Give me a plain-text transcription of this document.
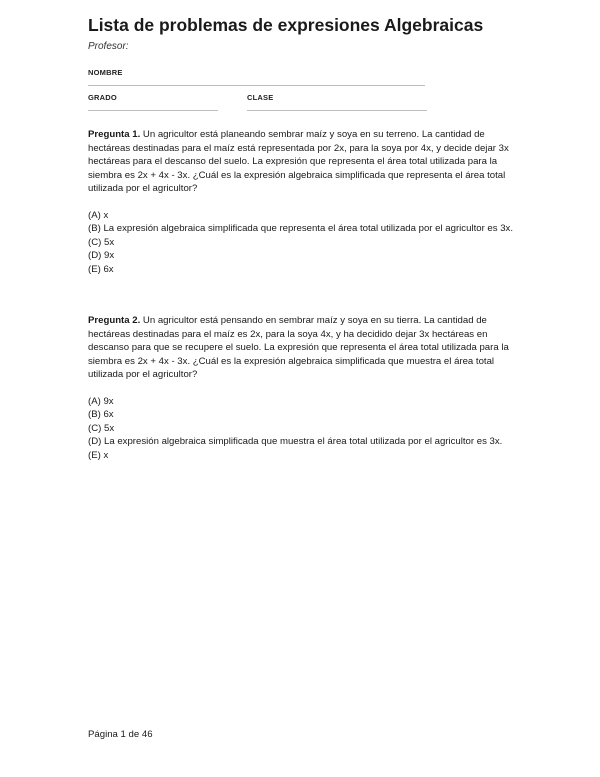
Lista de problemas de expresiones Algebraicas
Profesor:
NOMBRE
GRADO	CLASE

Pregunta 1. Un agricultor está planeando sembrar maíz y soya en su terreno. La cantidad de hectáreas destinadas para el maíz está representada por 2x, para la soya por 4x, y decide dejar 3x hectáreas para el descanso del suelo. La expresión que representa el área total utilizada para la siembra es 2x + 4x - 3x. ¿Cuál es la expresión algebraica simplificada que representa el área total utilizada por el agricultor?

(A) x
(B) La expresión algebraica simplificada que representa el área total utilizada por el agricultor es 3x.
(C) 5x
(D) 9x
(E) 6x

Pregunta 2. Un agricultor está pensando en sembrar maíz y soya en su tierra. La cantidad de hectáreas destinadas para el maíz es 2x, para la soya 4x, y ha decidido dejar 3x hectáreas en descanso para que se recupere el suelo. La expresión que representa el área total utilizada para la siembra es 2x + 4x - 3x. ¿Cuál es la expresión algebraica simplificada que muestra el área total utilizada por el agricultor?

(A) 9x
(B) 6x
(C) 5x
(D) La expresión algebraica simplificada que muestra el área total utilizada por el agricultor es 3x.
(E) x
Página 1 de 46
